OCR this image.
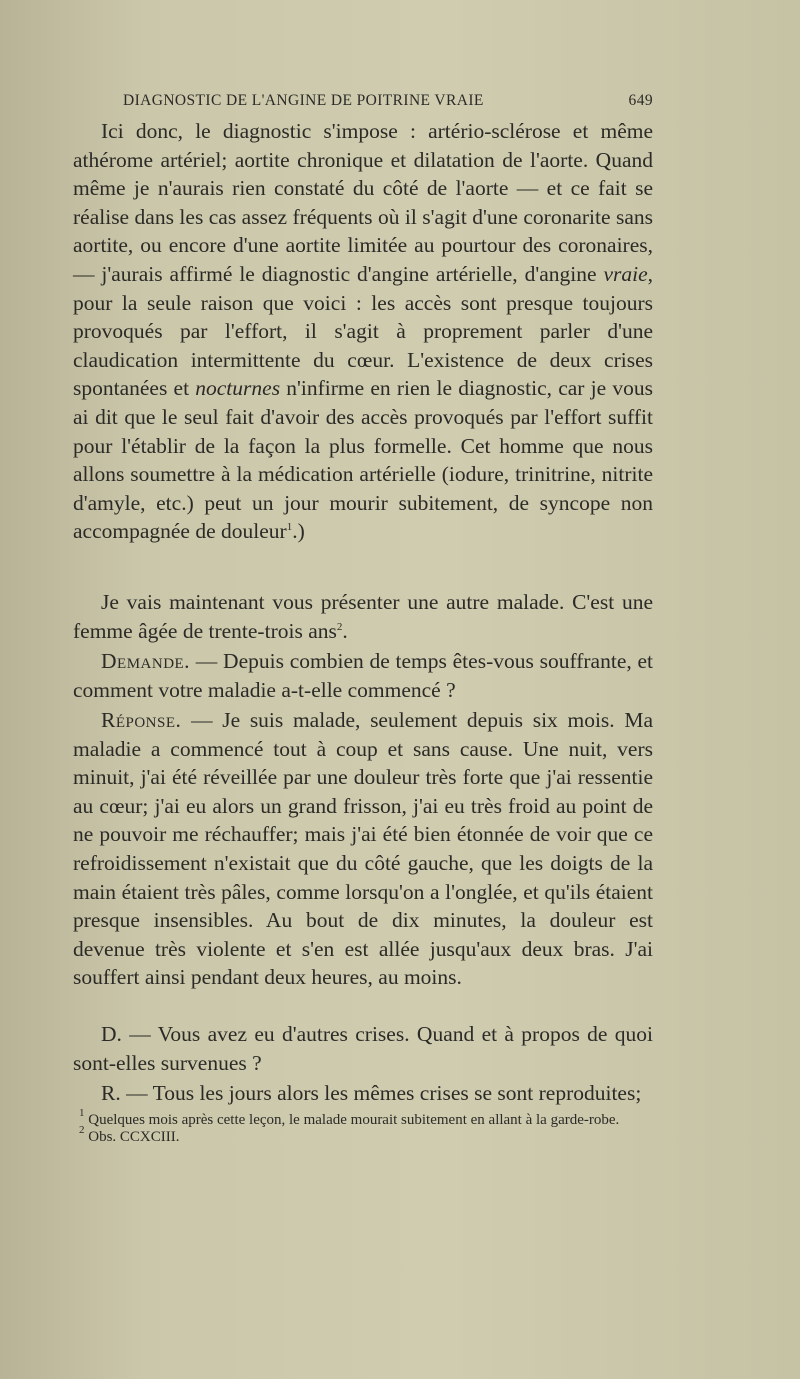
DIAGNOSTIC DE L'ANGINE DE POITRINE VRAIE	649

Ici donc, le diagnostic s'impose : artério-sclérose et même athérome artériel; aortite chronique et dilatation de l'aorte. Quand même je n'aurais rien constaté du côté de l'aorte — et ce fait se réalise dans les cas assez fréquents où il s'agit d'une coronarite sans aortite, ou encore d'une aortite limitée au pourtour des coronaires, — j'aurais affirmé le diagnostic d'angine artérielle, d'angine vraie, pour la seule raison que voici : les accès sont presque toujours provoqués par l'effort, il s'agit à proprement parler d'une claudication intermittente du cœur. L'existence de deux crises spontanées et nocturnes n'infirme en rien le diagnostic, car je vous ai dit que le seul fait d'avoir des accès provoqués par l'effort suffit pour l'établir de la façon la plus formelle. Cet homme que nous allons soumettre à la médication artérielle (iodure, trinitrine, nitrite d'amyle, etc.) peut un jour mourir subitement, de syncope non accompagnée de douleur$^1$.)

Je vais maintenant vous présenter une autre malade. C'est une femme âgée de trente-trois ans$^2$.

Demande. — Depuis combien de temps êtes-vous souffrante, et comment votre maladie a-t-elle commencé ?

Réponse. — Je suis malade, seulement depuis six mois. Ma maladie a commencé tout à coup et sans cause. Une nuit, vers minuit, j'ai été réveillée par une douleur très forte que j'ai ressentie au cœur; j'ai eu alors un grand frisson, j'ai eu très froid au point de ne pouvoir me réchauffer; mais j'ai été bien étonnée de voir que ce refroidissement n'existait que du côté gauche, que les doigts de la main étaient très pâles, comme lorsqu'on a l'onglée, et qu'ils étaient presque insensibles. Au bout de dix minutes, la douleur est devenue très violente et s'en est allée jusqu'aux deux bras. J'ai souffert ainsi pendant deux heures, au moins.

D. — Vous avez eu d'autres crises. Quand et à propos de quoi sont-elles survenues ?

R. — Tous les jours alors les mêmes crises se sont reproduites;

$^1$ Quelques mois après cette leçon, le malade mourait subitement en allant à la garde-robe.

$^2$ Obs. CCXCIII.
